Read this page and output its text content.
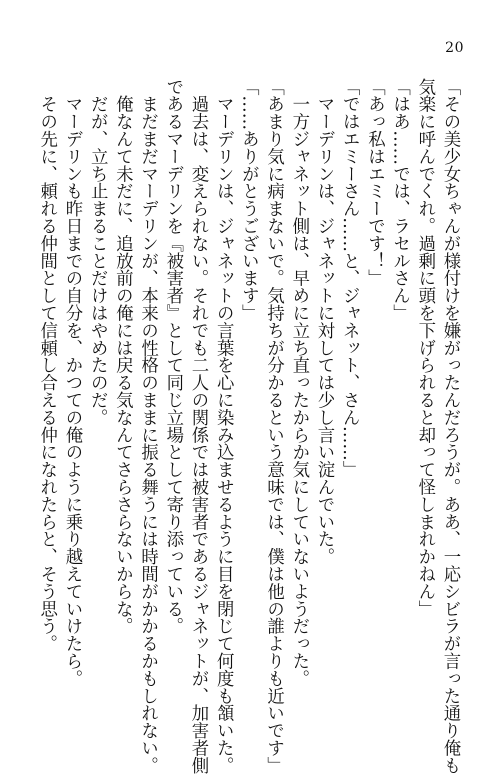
20
「その美少女ちゃんが様付けを嫌がったんだろうが。ああ、一応シビラが言った通り俺も
気楽に呼んでくれ。過剰に頭を下げられると却って怪しまれかねん」
「はあ……では、ラセルさん」
「あっ私はエミーです！」
「ではエミーさん……と、ジャネット、さん……」
　マーデリンは、ジャネットに対しては少し言い淀んでいた。
　一方ジャネット側は、早めに立ち直ったからか気にしていないようだった。
「あまり気に病まないで。気持ちが分かるという意味では、僕は他の誰よりも近いです」
「……ありがとうございます」
　マーデリンは、ジャネットの言葉を心に染み込ませるように目を閉じて何度も頷いた。
　過去は、変えられない。それでも二人の関係では被害者であるジャネットが、加害者側
であるマーデリンを『被害者』として同じ立場として寄り添っている。
　まだまだマーデリンが、本来の性格のままに振る舞うには時間がかかるかもしれない。
　俺なんて未だに、追放前の俺には戻る気なんてさらさらないからな。
　だが、立ち止まることだけはやめたのだ。
　マーデリンも昨日までの自分を、かつての俺のように乗り越えていけたら。
　その先に、頼れる仲間として信頼し合える仲になれたらと、そう思う。
